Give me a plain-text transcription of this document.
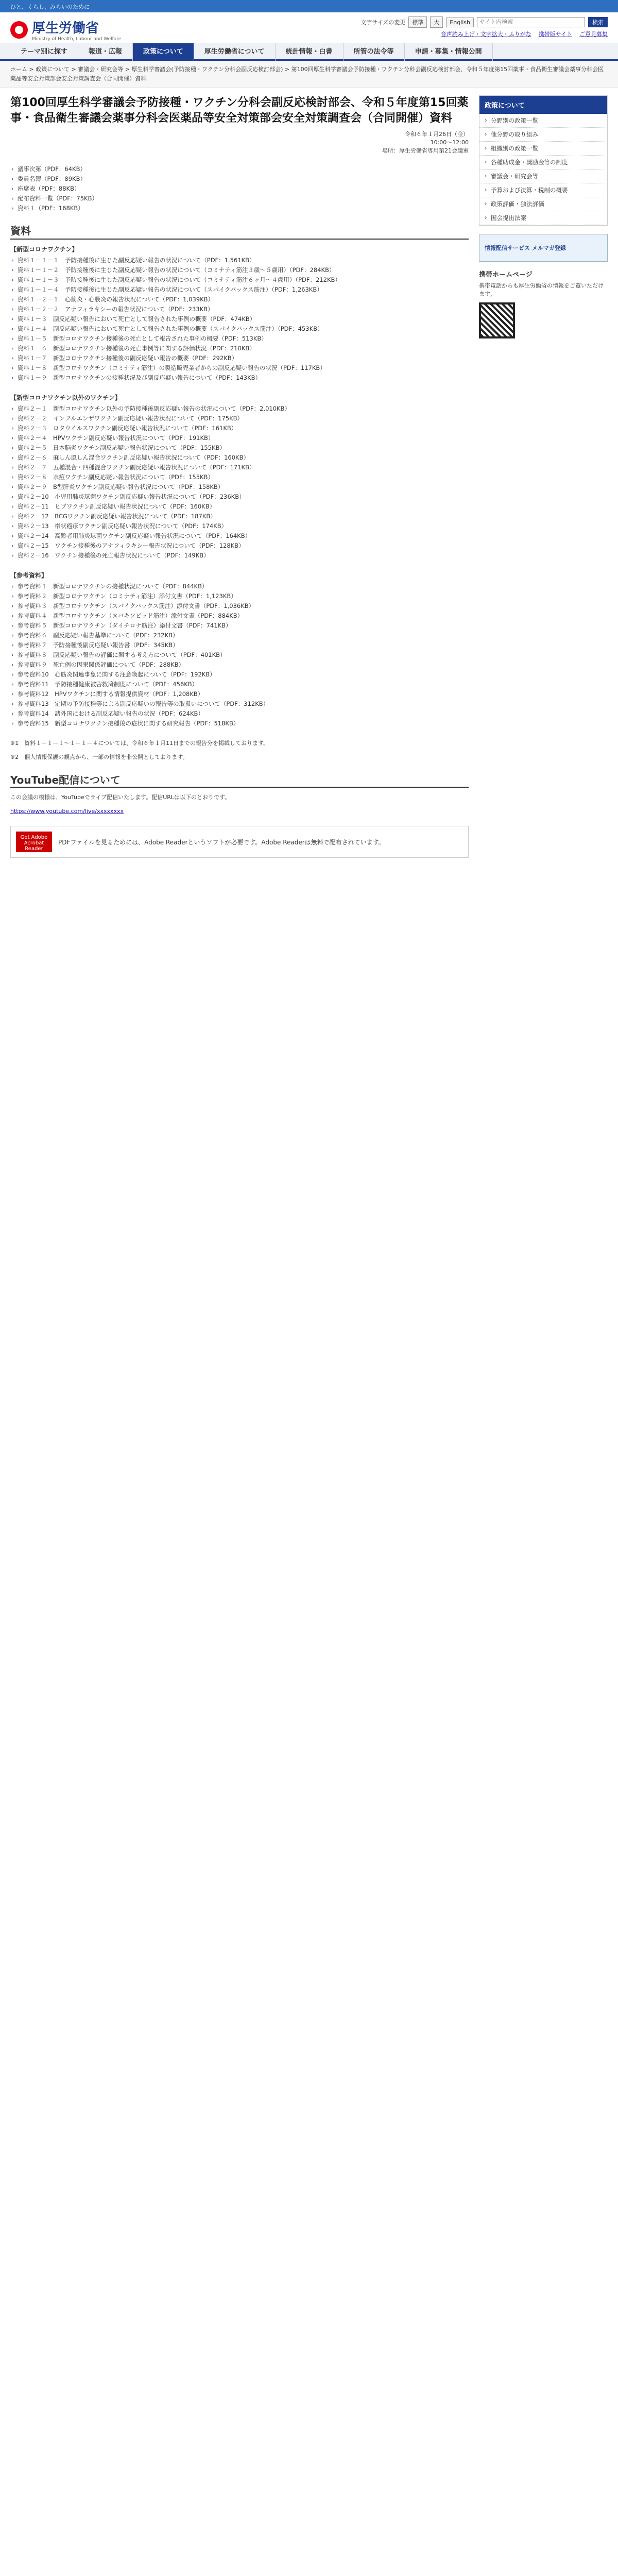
ひと、くらし、みらいのために
厚生労働省
Ministry of Health, Labour and Welfare
文字サイズの変更	標準	大	English
サイト内検索	検索
音声読み上げ・文字拡大・ふりがな 携帯版サイト ご意見募集
テーマ別に探す	報道・広報	政策について	厚生労働省について	統計情報・白書	所管の法令等	申請・募集・情報公開
ホーム > 政策について > 審議会・研究会等 > 厚生科学審議会(予防接種・ワクチン分科会副反応検討部会) > 第100回厚生科学審議会予防接種・ワクチン分科会副反応検討部会、令和５年度第15回薬事・食品衛生審議会薬事分科会医薬品等安全対策部会安全対策調査会（合同開催）資料
第100回厚生科学審議会予防接種・ワクチン分科会副反応検討部会、令和５年度第15回薬事・食品衛生審議会薬事分科会医薬品等安全対策部会安全対策調査会（合同開催）資料
令和６年１月26日（金）
10:00〜12:00
場所：厚生労働省専用第21会議室
› 議事次第（PDF：64KB）
› 委員名簿（PDF：89KB）
› 座席表（PDF：88KB）
› 配布資料一覧（PDF：75KB）
› 資料１（PDF：168KB）
資料
【新型コロナワクチン】
› 資料１－１－１　予防接種後に生じた副反応疑い報告の状況について（PDF：1,561KB）
› 資料１－１－２　予防接種後に生じた副反応疑い報告の状況について（コミナティ筋注３歳～５歳用）（PDF：284KB）
› 資料１－１－３　予防接種後に生じた副反応疑い報告の状況について（コミナティ筋注６ヶ月～４歳用）（PDF：212KB）
› 資料１－１－４　予防接種後に生じた副反応疑い報告の状況について（スパイクバックス筋注）（PDF：1,263KB）
› 資料１－２－１　心筋炎・心膜炎の報告状況について（PDF：1,039KB）
› 資料１－２－２　アナフィラキシーの報告状況について（PDF：233KB）
› 資料１－３　副反応疑い報告において死亡として報告された事例の概要（PDF：474KB）
› 資料１－４　副反応疑い報告において死亡として報告された事例の概要（スパイクバックス筋注）（PDF：453KB）
› 資料１－５　新型コロナワクチン接種後の死亡として報告された事例の概要（PDF：513KB）
› 資料１－６　新型コロナワクチン接種後の死亡事例等に関する評価状況（PDF：210KB）
› 資料１－７　新型コロナワクチン接種後の副反応疑い報告の概要（PDF：292KB）
› 資料１－８　新型コロナワクチン（コミナティ筋注）の製造販売業者からの副反応疑い報告の状況（PDF：117KB）
› 資料１－９　新型コロナワクチンの接種状況及び副反応疑い報告について（PDF：143KB）
【新型コロナワクチン以外のワクチン】
› 資料２－１　新型コロナワクチン以外の予防接種後副反応疑い報告の状況について（PDF：2,010KB）
› 資料２－２　インフルエンザワクチン副反応疑い報告状況について（PDF：175KB）
› 資料２－３　ロタウイルスワクチン副反応疑い報告状況について（PDF：161KB）
› 資料２－４　HPVワクチン副反応疑い報告状況について（PDF：191KB）
› 資料２－５　日本脳炎ワクチン副反応疑い報告状況について（PDF：155KB）
› 資料２－６　麻しん風しん混合ワクチン副反応疑い報告状況について（PDF：160KB）
› 資料２－７　五種混合・四種混合ワクチン副反応疑い報告状況について（PDF：171KB）
› 資料２－８　水痘ワクチン副反応疑い報告状況について（PDF：155KB）
› 資料２－９　B型肝炎ワクチン副反応疑い報告状況について（PDF：158KB）
› 資料２－10　小児用肺炎球菌ワクチン副反応疑い報告状況について（PDF：236KB）
› 資料２－11　ヒブワクチン副反応疑い報告状況について（PDF：160KB）
› 資料２－12　BCGワクチン副反応疑い報告状況について（PDF：187KB）
› 資料２－13　帯状疱疹ワクチン副反応疑い報告状況について（PDF：174KB）
› 資料２－14　高齢者用肺炎球菌ワクチン副反応疑い報告状況について（PDF：164KB）
› 資料２－15　ワクチン接種後のアナフィラキシー報告状況について（PDF：128KB）
› 資料２－16　ワクチン接種後の死亡報告状況について（PDF：149KB）
【参考資料】
› 参考資料１　新型コロナワクチンの接種状況について（PDF：844KB）
› 参考資料２　新型コロナワクチン（コミナティ筋注）添付文書（PDF：1,123KB）
› 参考資料３　新型コロナワクチン（スパイクバックス筋注）添付文書（PDF：1,036KB）
› 参考資料４　新型コロナワクチン（ヌバキソビッド筋注）添付文書（PDF：884KB）
› 参考資料５　新型コロナワクチン（ダイチロナ筋注）添付文書（PDF：741KB）
› 参考資料６　副反応疑い報告基準について（PDF：232KB）
› 参考資料７　予防接種後副反応疑い報告書（PDF：345KB）
› 参考資料８　副反応疑い報告の評価に関する考え方について（PDF：401KB）
› 参考資料９　死亡例の因果関係評価について（PDF：288KB）
› 参考資料10　心筋炎関連事象に関する注意喚起について（PDF：192KB）
› 参考資料11　予防接種健康被害救済制度について（PDF：456KB）
› 参考資料12　HPVワクチンに関する情報提供資材（PDF：1,208KB）
› 参考資料13　定期の予防接種等による副反応疑いの報告等の取扱いについて（PDF：312KB）
› 参考資料14　諸外国における副反応疑い報告の状況（PDF：624KB）
› 参考資料15　新型コロナワクチン接種後の症状に関する研究報告（PDF：518KB）
※1　資料１－１－１～１－１－４については、令和６年１月11日までの報告分を掲載しております。
※2　個人情報保護の観点から、一部の情報を非公開としております。
YouTube配信について
この会議の模様は、YouTubeでライブ配信いたします。配信URLは以下のとおりです。
https://www.youtube.com/live/xxxxxxxx
Get Adobe Acrobat Reader
PDFファイルを見るためには、Adobe Readerというソフトが必要です。Adobe Readerは無料で配布されています。
政策について
› 分野別の政策一覧
› 他分野の取り組み
› 組織別の政策一覧
› 各種助成金・奨励金等の制度
› 審議会・研究会等
› 予算および決算・税制の概要
› 政策評価・独法評価
› 国会提出法案
情報配信サービス メルマガ登録
携帯ホームページ
携帯電話からも厚生労働省の情報をご覧いただけます。
